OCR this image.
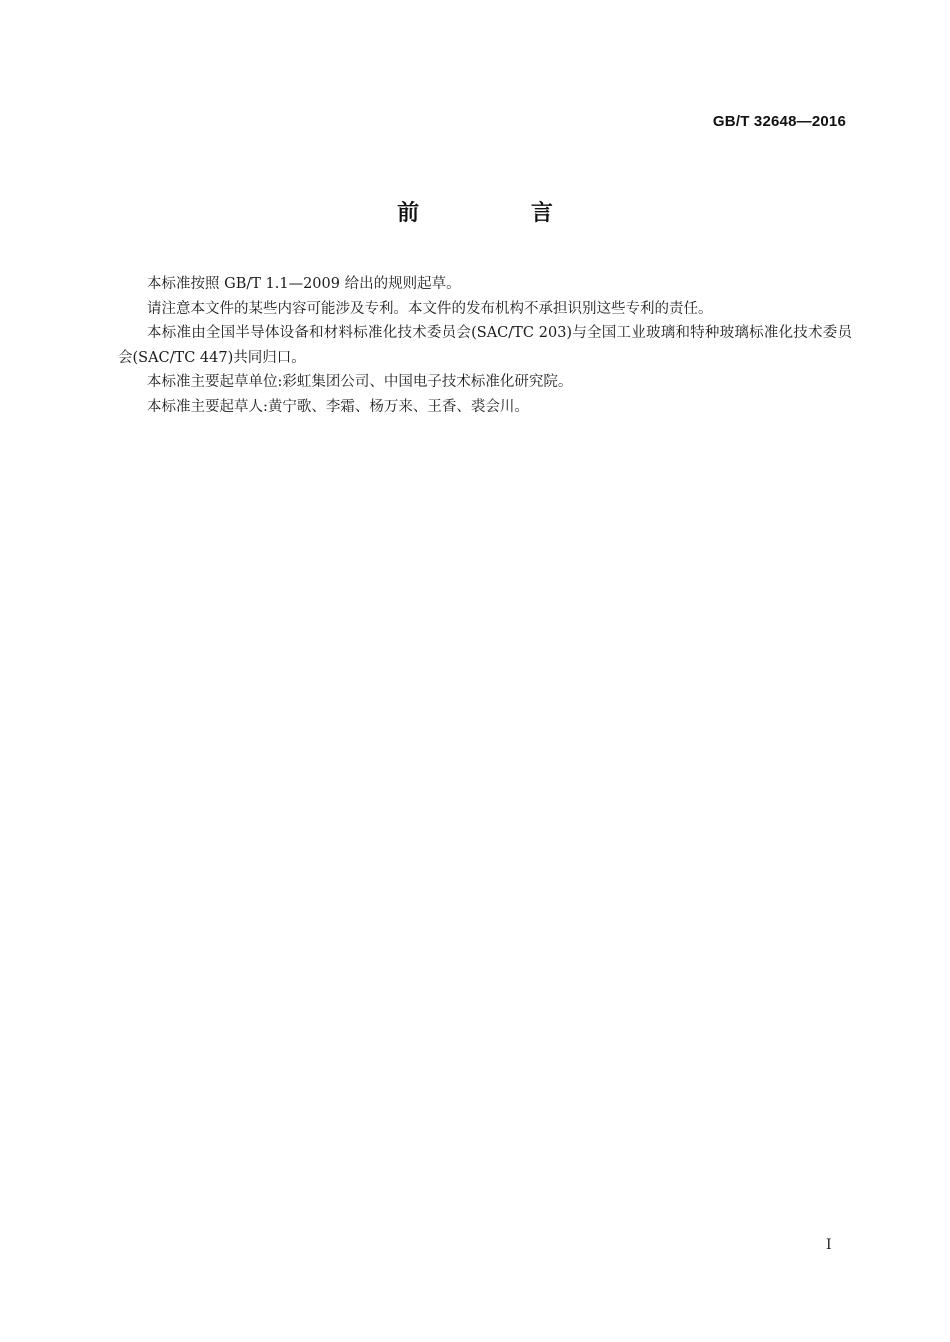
GB/T 32648—2016
前 言

本标准按照 GB/T 1.1—2009 给出的规则起草。

请注意本文件的某些内容可能涉及专利。本文件的发布机构不承担识别这些专利的责任。

本标准由全国半导体设备和材料标准化技术委员会(SAC/TC 203)与全国工业玻璃和特种玻璃标准化技术委员会(SAC/TC 447)共同归口。

本标准主要起草单位:彩虹集团公司、中国电子技术标准化研究院。

本标准主要起草人:黄宁歌、李霜、杨万来、王香、裘会川。

I
